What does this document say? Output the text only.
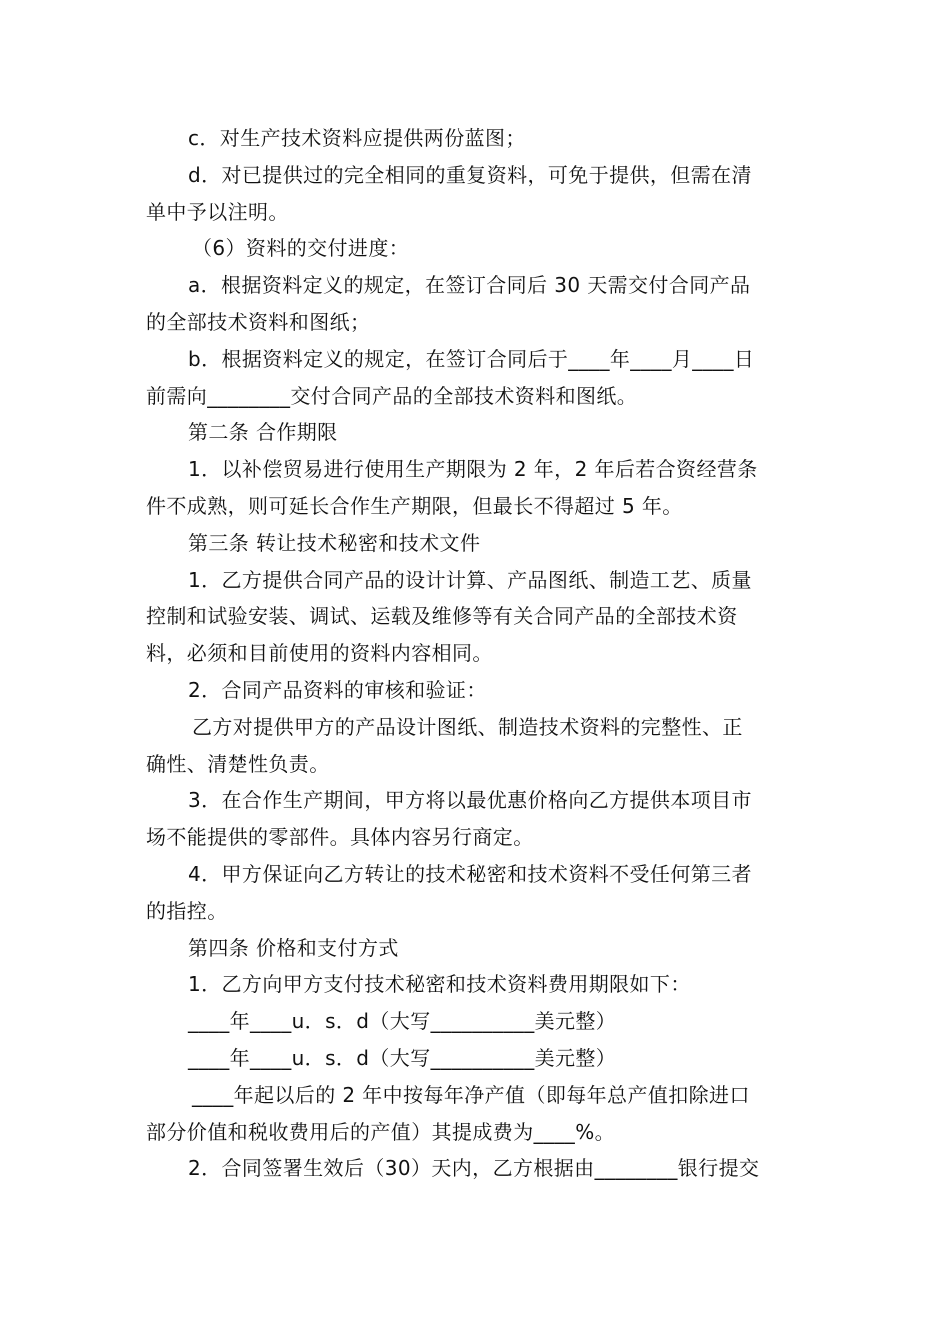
c．对生产技术资料应提供两份蓝图；
d．对已提供过的完全相同的重复资料，可免于提供，但需在清
单中予以注明。
（6）资料的交付进度：
a．根据资料定义的规定，在签订合同后 30 天需交付合同产品
的全部技术资料和图纸；
b．根据资料定义的规定，在签订合同后于____年____月____日
前需向________交付合同产品的全部技术资料和图纸。
第二条 合作期限
1．以补偿贸易进行使用生产期限为 2 年，2 年后若合资经营条
件不成熟，则可延长合作生产期限，但最长不得超过 5 年。
第三条 转让技术秘密和技术文件
1．乙方提供合同产品的设计计算、产品图纸、制造工艺、质量
控制和试验安装、调试、运载及维修等有关合同产品的全部技术资
料，必须和目前使用的资料内容相同。
2．合同产品资料的审核和验证：
乙方对提供甲方的产品设计图纸、制造技术资料的完整性、正
确性、清楚性负责。
3．在合作生产期间，甲方将以最优惠价格向乙方提供本项目市
场不能提供的零部件。具体内容另行商定。
4．甲方保证向乙方转让的技术秘密和技术资料不受任何第三者
的指控。
第四条 价格和支付方式
1．乙方向甲方支付技术秘密和技术资料费用期限如下：
____年____u．s．d（大写__________美元整）
____年____u．s．d（大写__________美元整）
____年起以后的 2 年中按每年净产值（即每年总产值扣除进口
部分价值和税收费用后的产值）其提成费为____%。
2．合同签署生效后（30）天内，乙方根据由________银行提交
